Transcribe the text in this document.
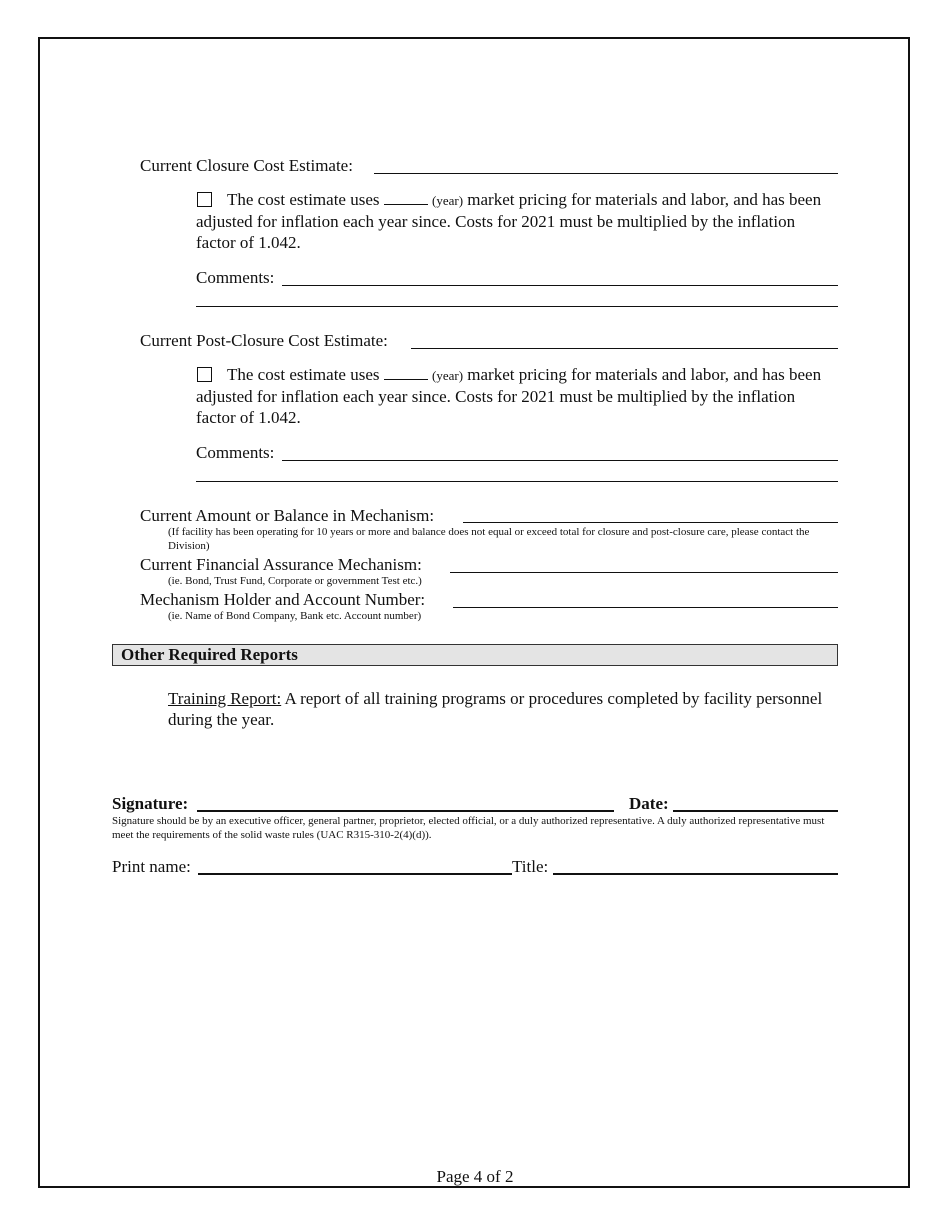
Current Closure Cost Estimate:
The cost estimate uses	(year) market pricing for materials and labor, and has been adjusted for inflation each year since. Costs for 2021 must be multiplied by the inflation factor of 1.042.
Comments:
Current Post-Closure Cost Estimate:
The cost estimate uses	(year) market pricing for materials and labor, and has been adjusted for inflation each year since. Costs for 2021 must be multiplied by the inflation factor of 1.042.
Comments:
Current Amount or Balance in Mechanism:
(If facility has been operating for 10 years or more and balance does not equal or exceed total for closure and post-closure care, please contact the Division)
Current Financial Assurance Mechanism:
(ie. Bond, Trust Fund, Corporate or government Test etc.)
Mechanism Holder and Account Number:
(ie. Name of Bond Company, Bank etc. Account number)
Other Required Reports
Training Report: A report of all training programs or procedures completed by facility personnel during the year.
Signature:	Date:
Signature should be by an executive officer, general partner, proprietor, elected official, or a duly authorized representative. A duly authorized representative must meet the requirements of the solid waste rules (UAC R315-310-2(4)(d)).
Print name:	Title:
Page 4 of 2
